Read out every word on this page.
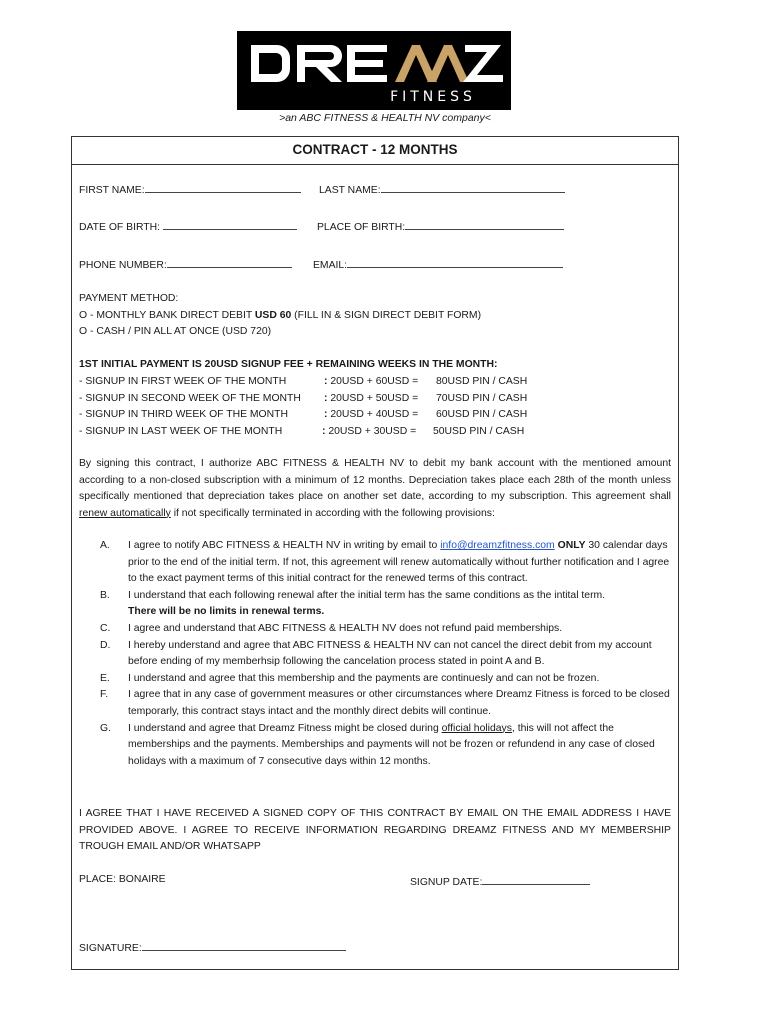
FITNESS
>an ABC FITNESS & HEALTH NV company<
CONTRACT - 12 MONTHS
FIRST NAME:	LAST NAME:
DATE OF BIRTH:	PLACE OF BIRTH:
PHONE NUMBER:	EMAIL:
PAYMENT METHOD:
O - MONTHLY BANK DIRECT DEBIT USD 60 (FILL IN & SIGN DIRECT DEBIT FORM)
O - CASH / PIN ALL AT ONCE (USD 720)
1ST INITIAL PAYMENT IS 20USD SIGNUP FEE + REMAINING WEEKS IN THE MONTH:
- SIGNUP IN FIRST WEEK OF THE MONTH	: 20USD + 60USD = 80USD PIN / CASH
- SIGNUP IN SECOND WEEK OF THE MONTH : 20USD + 50USD = 70USD PIN / CASH
- SIGNUP IN THIRD WEEK OF THE MONTH	: 20USD + 40USD = 60USD PIN / CASH
- SIGNUP IN LAST WEEK OF THE MONTH	: 20USD + 30USD = 50USD PIN / CASH
By signing this contract, I authorize ABC FITNESS & HEALTH NV to debit my bank account with the mentioned amount according to a non-closed subscription with a minimum of 12 months. Depreciation takes place each 28th of the month unless specifically mentioned that depreciation takes place on another set date, according to my subscription. This agreement shall renew automatically if not specifically terminated in according with the following provisions:
A. I agree to notify ABC FITNESS & HEALTH NV in writing by email to info@dreamzfitness.com ONLY 30 calendar days prior to the end of the initial term. If not, this agreement will renew automatically without further notification and I agree to the exact payment terms of this initial contract for the renewed terms of this contract.
B. I understand that each following renewal after the initial term has the same conditions as the intital term.
There will be no limits in renewal terms.
C. I agree and understand that ABC FITNESS & HEALTH NV does not refund paid memberships.
D. I hereby understand and agree that ABC FITNESS & HEALTH NV can not cancel the direct debit from my account before ending of my memberhsip following the cancelation process stated in point A and B.
E. I understand and agree that this membership and the payments are continuesly and can not be frozen.
F. I agree that in any case of government measures or other circumstances where Dreamz Fitness is forced to be closed temporarly, this contract stays intact and the monthly direct debits will continue.
G. I understand and agree that Dreamz Fitness might be closed during official holidays, this will not affect the memberships and the payments. Memberships and payments will not be frozen or refundend in any case of closed holidays with a maximum of 7 consecutive days within 12 months.
I AGREE THAT I HAVE RECEIVED A SIGNED COPY OF THIS CONTRACT BY EMAIL ON THE EMAIL ADDRESS I HAVE PROVIDED ABOVE. I AGREE TO RECEIVE INFORMATION REGARDING DREAMZ FITNESS AND MY MEMBERSHIP TROUGH EMAIL AND/OR WHATSAPP
PLACE: BONAIRE	SIGNUP DATE:
SIGNATURE:
